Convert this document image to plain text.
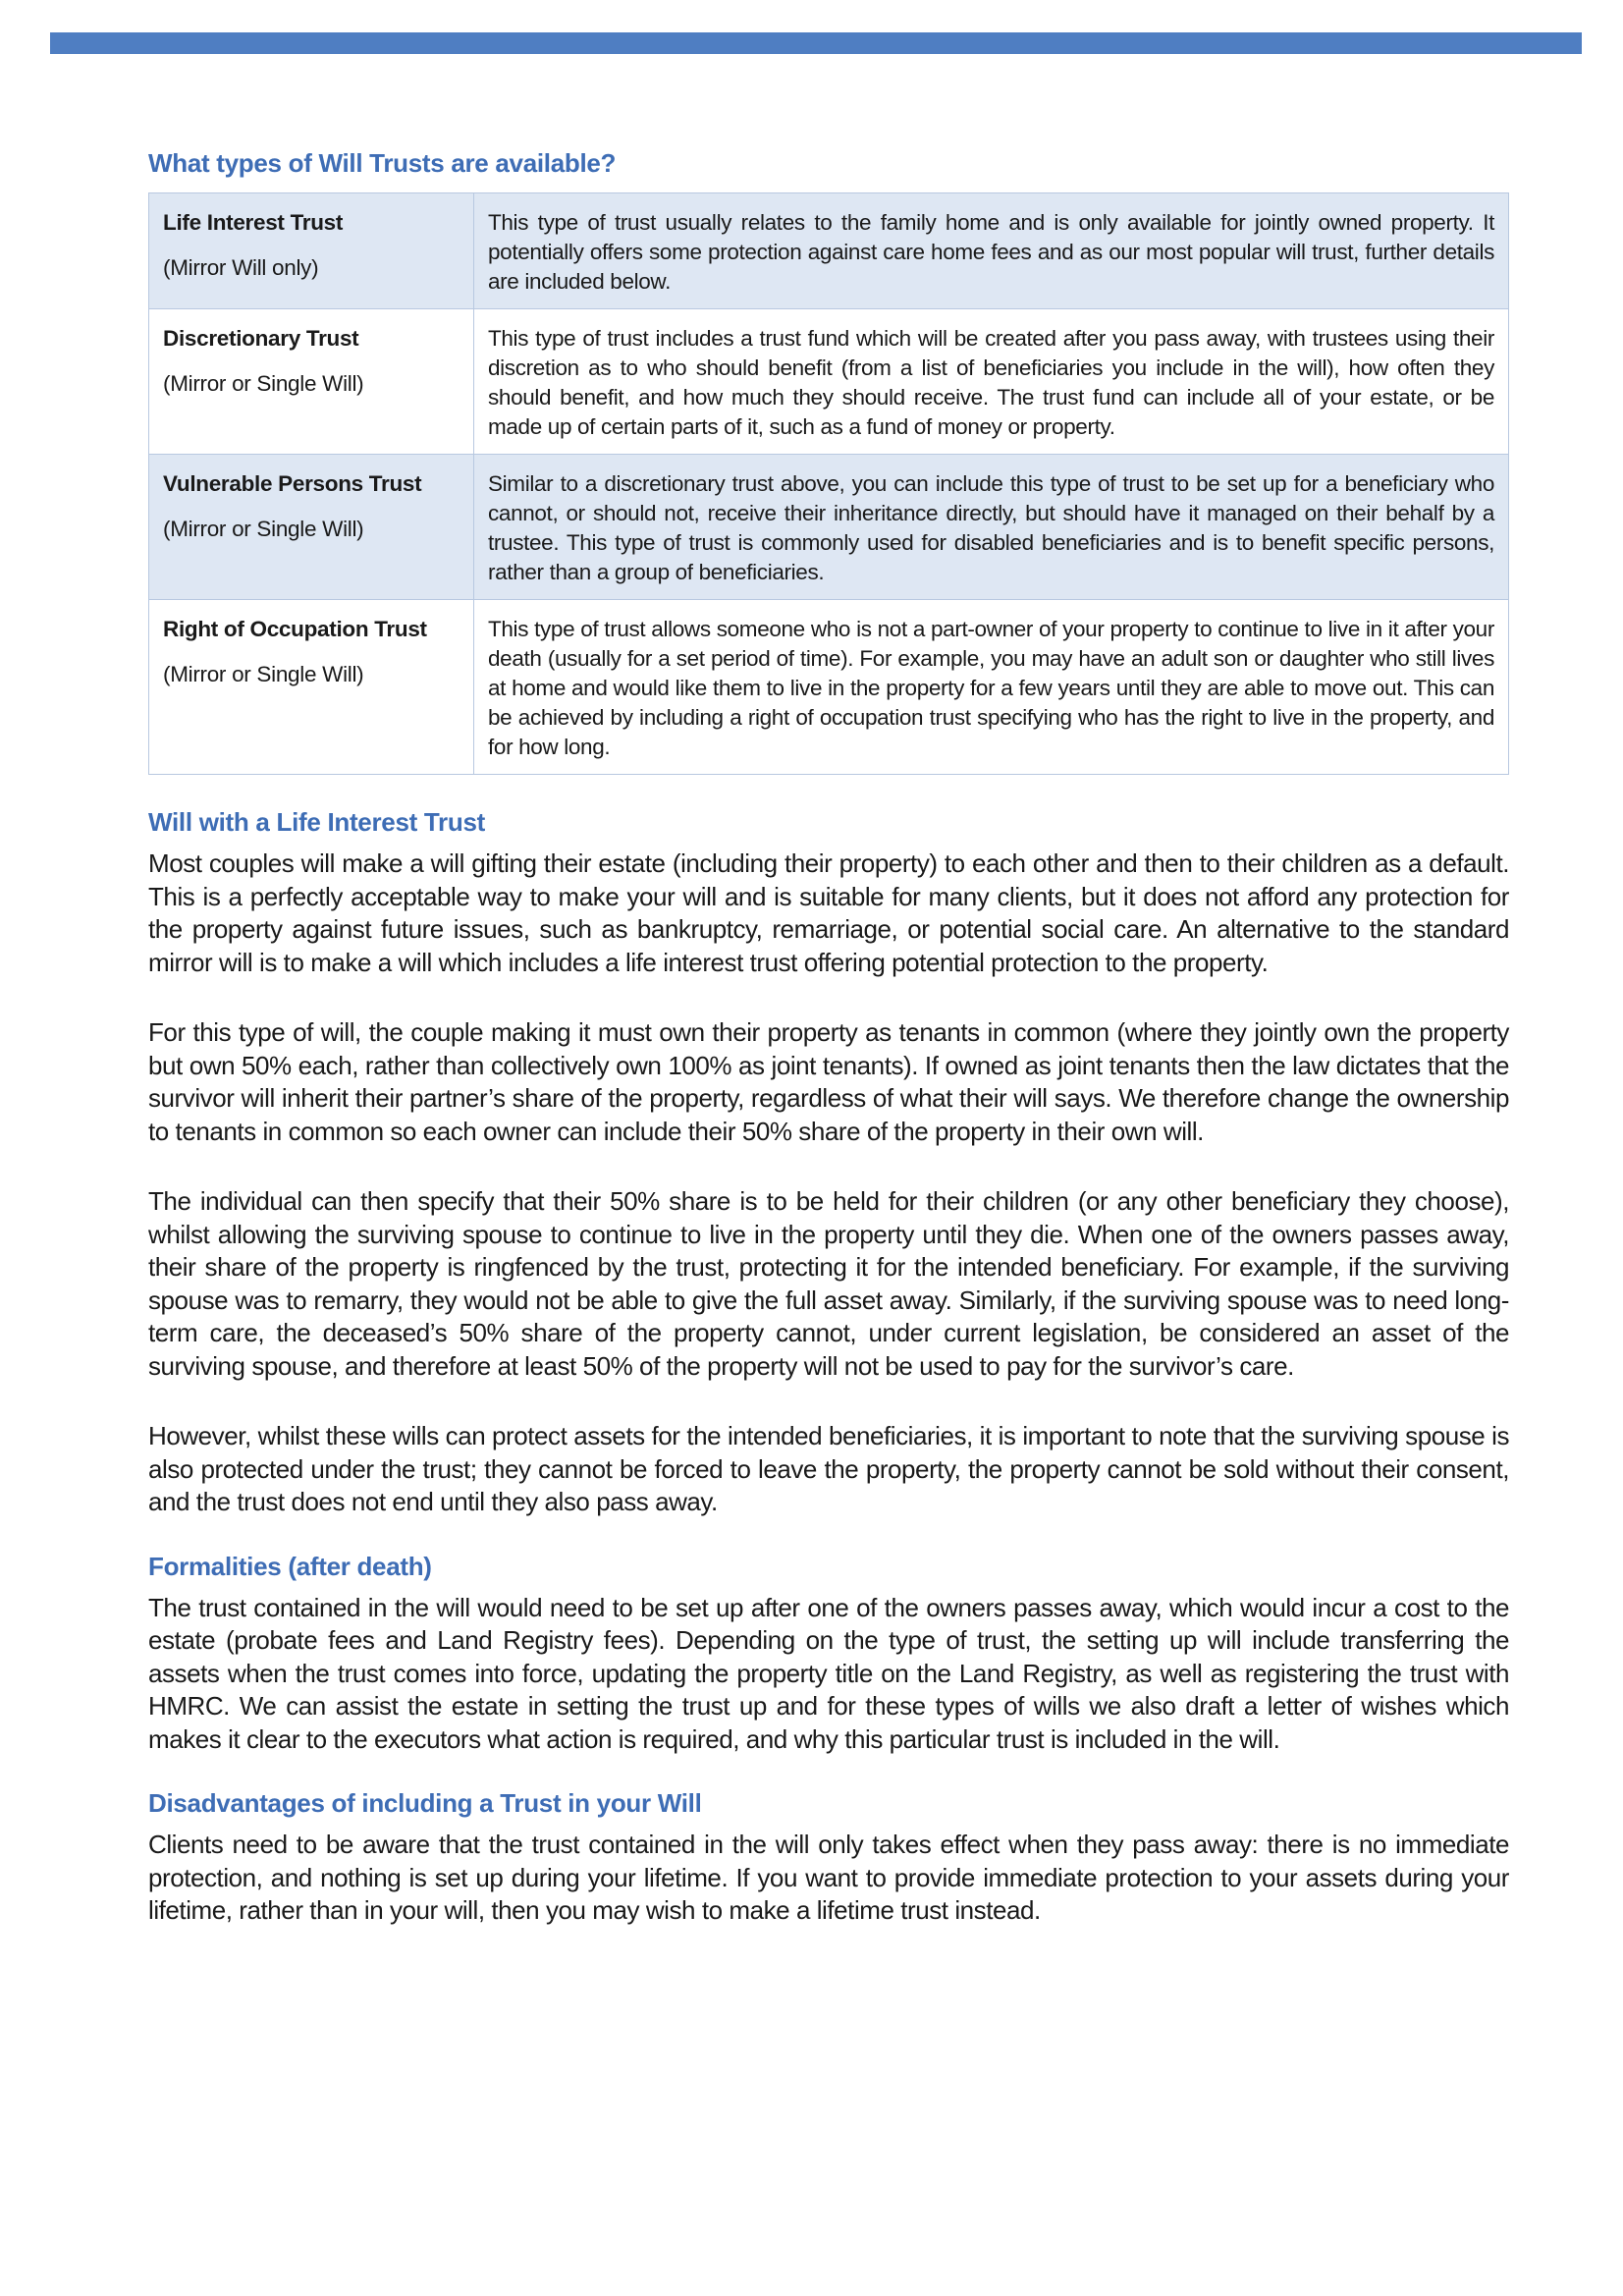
What types of Will Trusts are available?
Life Interest Trust
(Mirror Will only)	This type of trust usually relates to the family home and is only available for jointly owned property. It potentially offers some protection against care home fees and as our most popular will trust, further details are included below.

Discretionary Trust
(Mirror or Single Will)	This type of trust includes a trust fund which will be created after you pass away, with trustees using their discretion as to who should benefit (from a list of beneficiaries you include in the will), how often they should benefit, and how much they should receive. The trust fund can include all of your estate, or be made up of certain parts of it, such as a fund of money or property.

Vulnerable Persons Trust
(Mirror or Single Will)	Similar to a discretionary trust above, you can include this type of trust to be set up for a beneficiary who cannot, or should not, receive their inheritance directly, but should have it managed on their behalf by a trustee. This type of trust is commonly used for disabled beneficiaries and is to benefit specific persons, rather than a group of beneficiaries.

Right of Occupation Trust
(Mirror or Single Will)	This type of trust allows someone who is not a part-owner of your property to continue to live in it after your death (usually for a set period of time). For example, you may have an adult son or daughter who still lives at home and would like them to live in the property for a few years until they are able to move out. This can be achieved by including a right of occupation trust specifying who has the right to live in the property, and for how long.
Will with a Life Interest Trust

Most couples will make a will gifting their estate (including their property) to each other and then to their children as a default. This is a perfectly acceptable way to make your will and is suitable for many clients, but it does not afford any protection for the property against future issues, such as bankruptcy, remarriage, or potential social care. An alternative to the standard mirror will is to make a will which includes a life interest trust offering potential protection to the property.

For this type of will, the couple making it must own their property as tenants in common (where they jointly own the property but own 50% each, rather than collectively own 100% as joint tenants). If owned as joint tenants then the law dictates that the survivor will inherit their partner’s share of the property, regardless of what their will says. We therefore change the ownership to tenants in common so each owner can include their 50% share of the property in their own will.

The individual can then specify that their 50% share is to be held for their children (or any other beneficiary they choose), whilst allowing the surviving spouse to continue to live in the property until they die. When one of the owners passes away, their share of the property is ringfenced by the trust, protecting it for the intended beneficiary. For example, if the surviving spouse was to remarry, they would not be able to give the full asset away. Similarly, if the surviving spouse was to need long-term care, the deceased’s 50% share of the property cannot, under current legislation, be considered an asset of the surviving spouse, and therefore at least 50% of the property will not be used to pay for the survivor’s care.

However, whilst these wills can protect assets for the intended beneficiaries, it is important to note that the surviving spouse is also protected under the trust; they cannot be forced to leave the property, the property cannot be sold without their consent, and the trust does not end until they also pass away.

Formalities (after death)

The trust contained in the will would need to be set up after one of the owners passes away, which would incur a cost to the estate (probate fees and Land Registry fees). Depending on the type of trust, the setting up will include transferring the assets when the trust comes into force, updating the property title on the Land Registry, as well as registering the trust with HMRC. We can assist the estate in setting the trust up and for these types of wills we also draft a letter of wishes which makes it clear to the executors what action is required, and why this particular trust is included in the will.

Disadvantages of including a Trust in your Will

Clients need to be aware that the trust contained in the will only takes effect when they pass away: there is no immediate protection, and nothing is set up during your lifetime. If you want to provide immediate protection to your assets during your lifetime, rather than in your will, then you may wish to make a lifetime trust instead.
